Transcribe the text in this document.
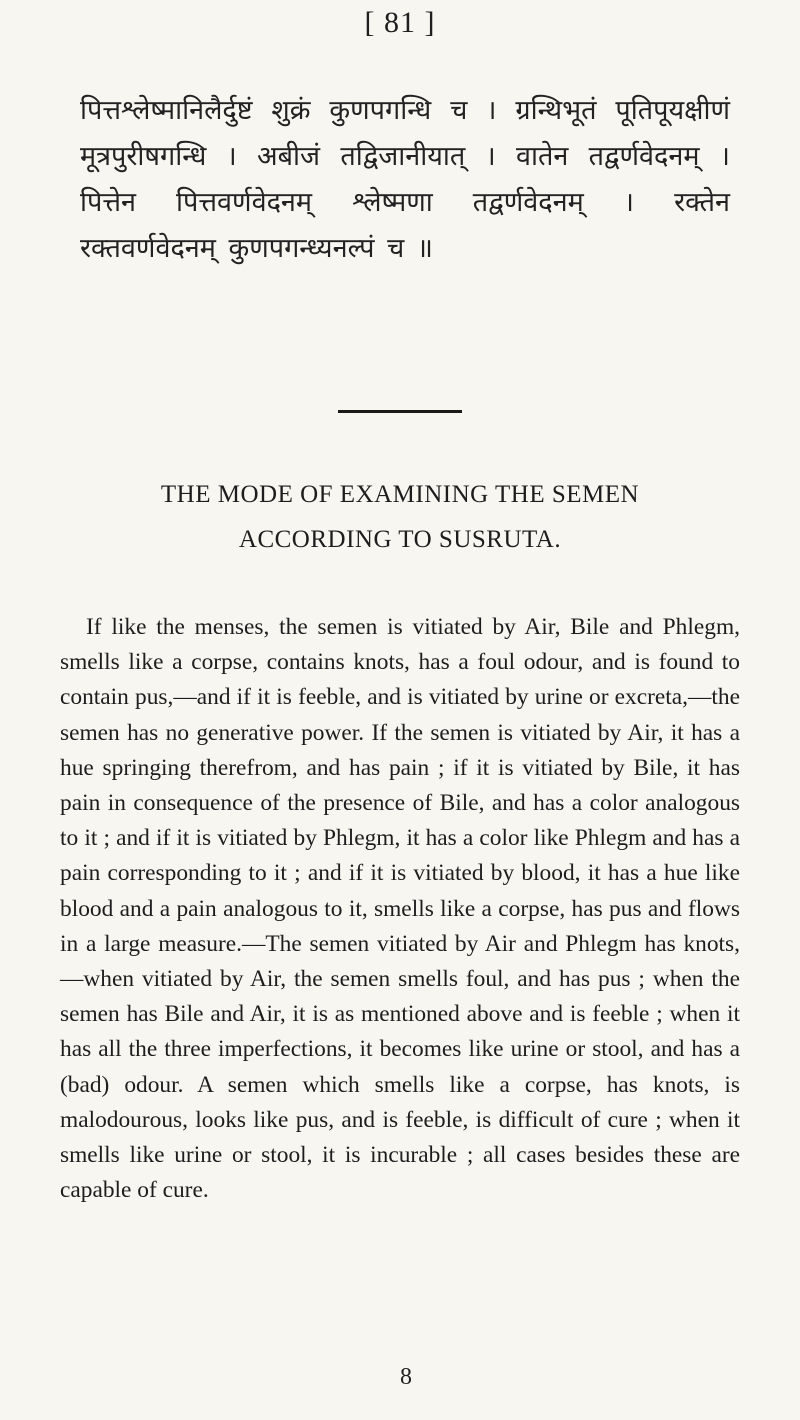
[ 81 ]
पित्तश्लेष्मानिलैर्दुष्टं शुक्रं कुणपगन्धि च । ग्रन्थिभूतं पूतिपूयक्षीणं मूत्रपुरीषगन्धि । अबीजं तद्विजानीयात् । वातेन तद्वर्णवेदनम् । पित्तेन पित्तवर्णवेदनम् श्लेष्मणा तद्वर्णवेदनम् । रक्तेन रक्तवर्णवेदनम् कुणपगन्ध्यनल्पं च ॥
THE MODE OF EXAMINING THE SEMEN
ACCORDING TO SUSRUTA.

If like the menses, the semen is vitiated by Air, Bile and Phlegm, smells like a corpse, contains knots, has a foul odour, and is found to contain pus,—and if it is feeble, and is vitiated by urine or excreta,—the semen has no generative power. If the semen is vitiated by Air, it has a hue springing therefrom, and has pain ; if it is vitiated by Bile, it has pain in consequence of the presence of Bile, and has a color analogous to it ; and if it is vitiated by Phlegm, it has a color like Phlegm and has a pain corresponding to it ; and if it is vitiated by blood, it has a hue like blood and a pain analogous to it, smells like a corpse, has pus and flows in a large measure.—The semen vitiated by Air and Phlegm has knots,—when vitiated by Air, the semen smells foul, and has pus ; when the semen has Bile and Air, it is as mentioned above and is feeble ; when it has all the three imperfections, it becomes like urine or stool, and has a (bad) odour. A semen which smells like a corpse, has knots, is malodourous, looks like pus, and is feeble, is difficult of cure ; when it smells like urine or stool, it is incurable ; all cases besides these are capable of cure.

8
